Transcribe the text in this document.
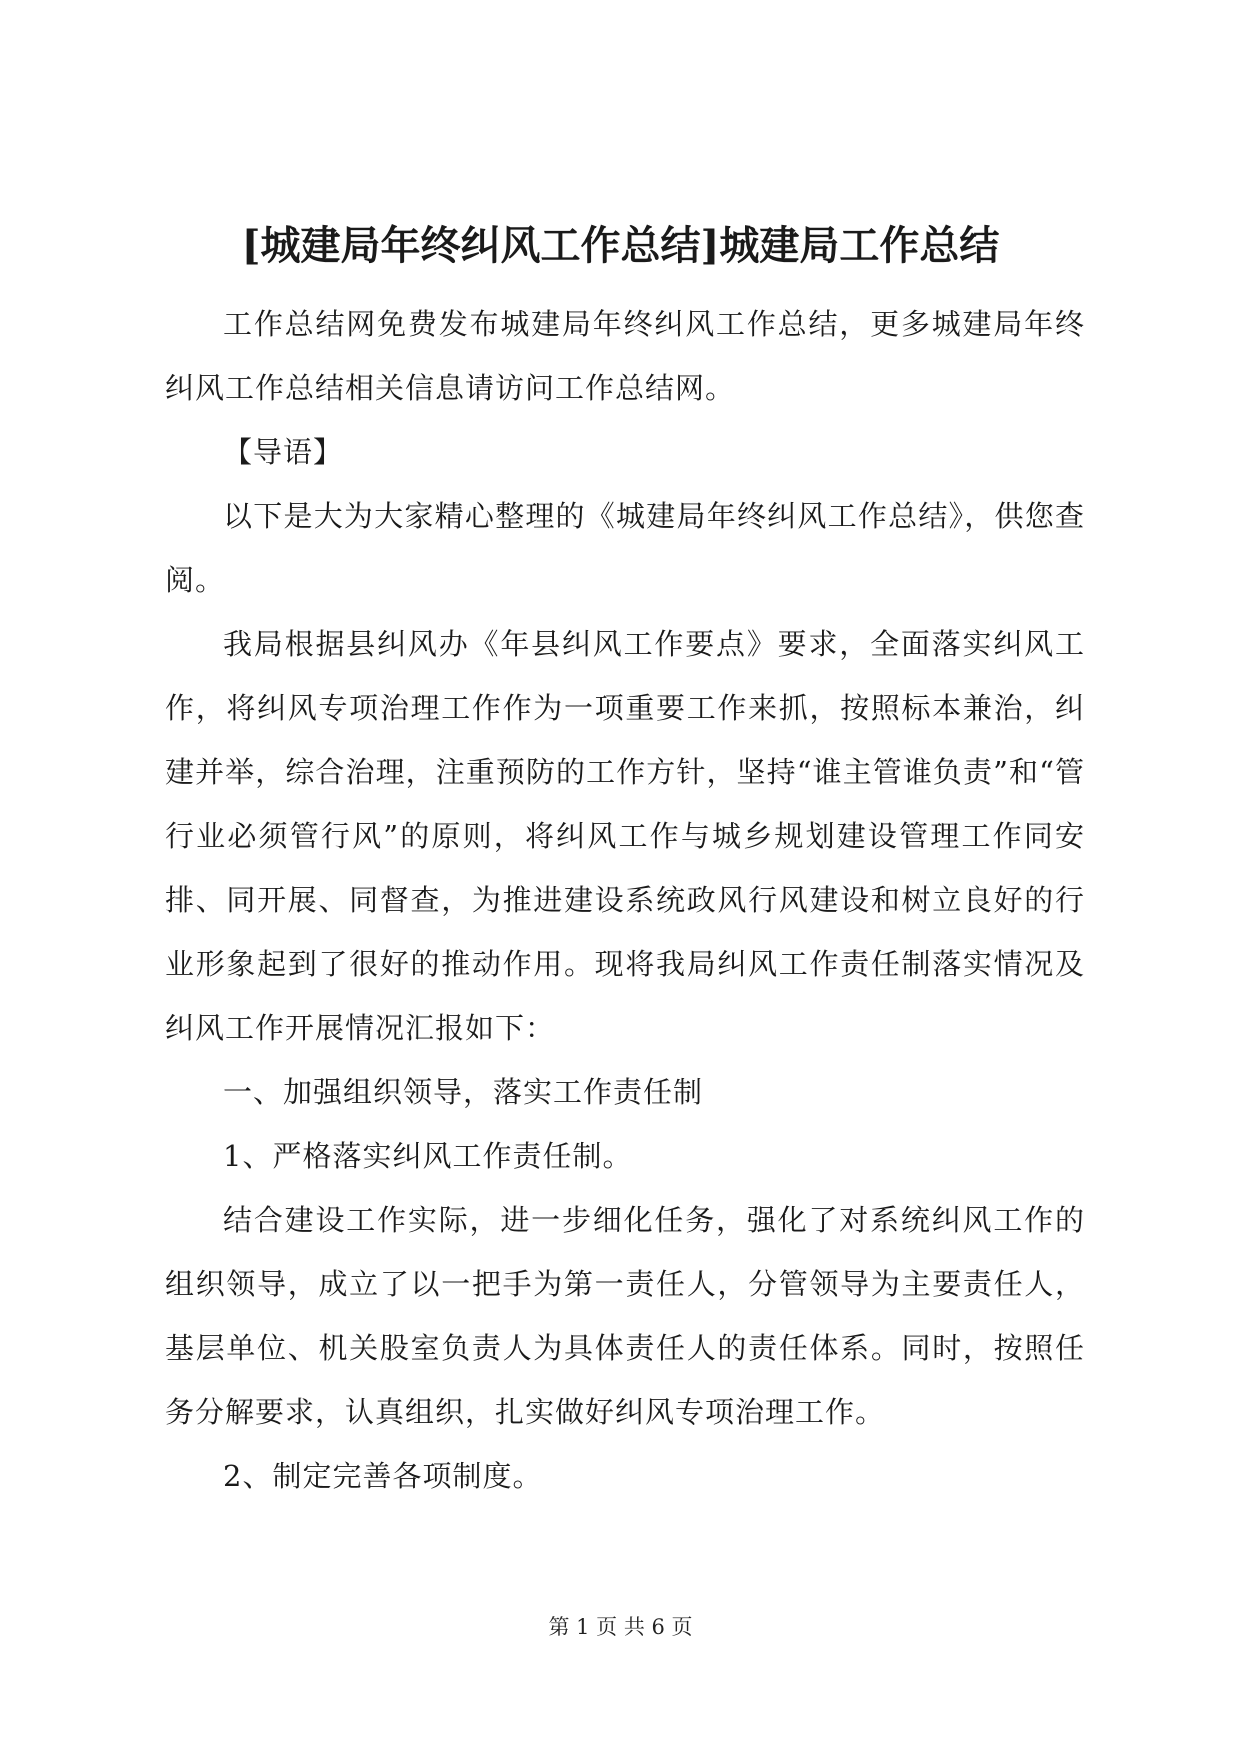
[城建局年终纠风工作总结]城建局工作总结

工作总结网免费发布城建局年终纠风工作总结，更多城建局年终纠风工作总结相关信息请访问工作总结网。

【导语】

以下是大为大家精心整理的《城建局年终纠风工作总结》，供您查阅。

我局根据县纠风办《年县纠风工作要点》要求，全面落实纠风工作，将纠风专项治理工作作为一项重要工作来抓，按照标本兼治，纠建并举，综合治理，注重预防的工作方针，坚持“谁主管谁负责”和“管行业必须管行风”的原则，将纠风工作与城乡规划建设管理工作同安排、同开展、同督查，为推进建设系统政风行风建设和树立良好的行业形象起到了很好的推动作用。现将我局纠风工作责任制落实情况及纠风工作开展情况汇报如下：

一、加强组织领导，落实工作责任制

1、严格落实纠风工作责任制。

结合建设工作实际，进一步细化任务，强化了对系统纠风工作的组织领导，成立了以一把手为第一责任人，分管领导为主要责任人，基层单位、机关股室负责人为具体责任人的责任体系。同时，按照任务分解要求，认真组织，扎实做好纠风专项治理工作。

2、制定完善各项制度。

第 1 页 共 6 页
